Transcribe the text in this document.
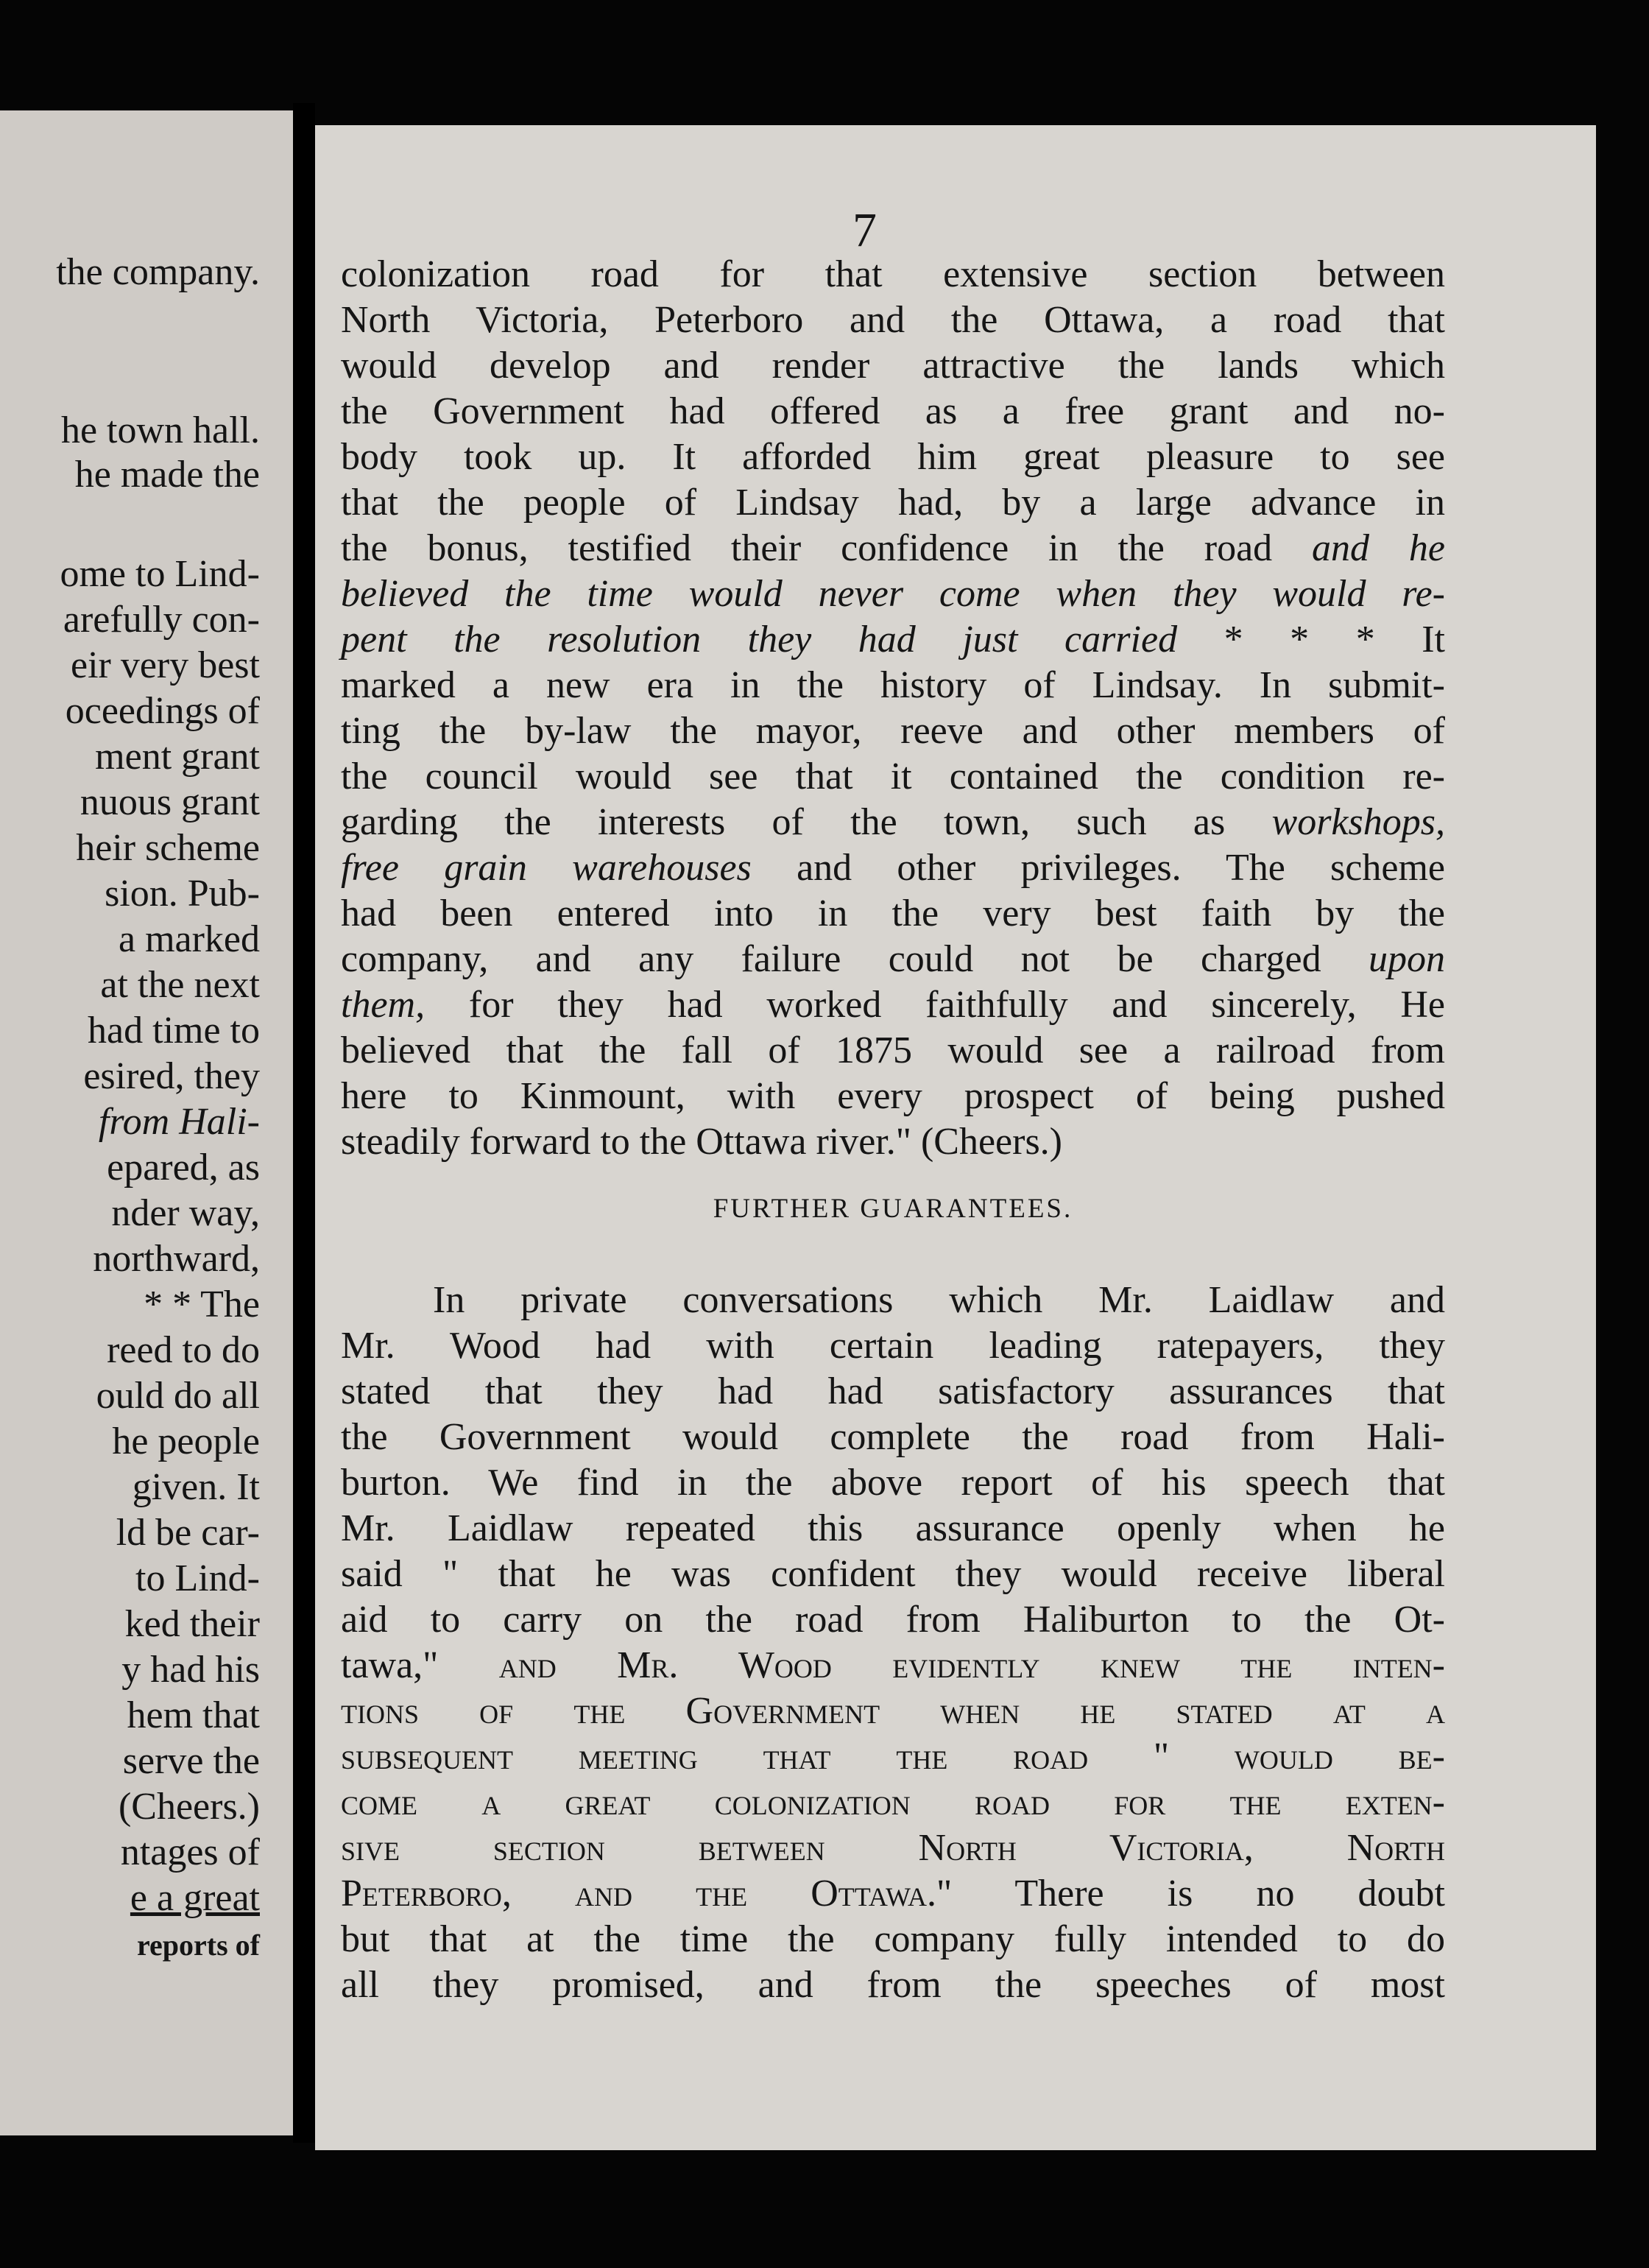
the company.
he town hall.
he made the
ome to Lind-
arefully con-
eir very best
oceedings of
ment grant
nuous grant
heir scheme
sion. Pub-
a marked
at the next
had time to
esired, they
from Hali-
epared, as
nder way,
northward,
* * The
reed to do
ould do all
he people
given. It
ld be car-
to Lind-
ked their
y had his
hem that
serve the
(Cheers.)
ntages of
e a great
reports of
7
colonization road for that extensive section between
North Victoria, Peterboro and the Ottawa, a road that
would develop and render attractive the lands which
the Government had offered as a free grant and no-
body took up. It afforded him great pleasure to see
that the people of Lindsay had, by a large advance in
the bonus, testified their confidence in the road and he
believed the time would never come when they would re-
pent the resolution they had just carried * * * It
marked a new era in the history of Lindsay. In submit-
ting the by-law the mayor, reeve and other members of
the council would see that it contained the condition re-
garding the interests of the town, such as workshops,
free grain warehouses and other privileges. The scheme
had been entered into in the very best faith by the
company, and any failure could not be charged upon
them, for they had worked faithfully and sincerely, He
believed that the fall of 1875 would see a railroad from
here to Kinmount, with every prospect of being pushed
steadily forward to the Ottawa river." (Cheers.)
FURTHER GUARANTEES.
In private conversations which Mr. Laidlaw and
Mr. Wood had with certain leading ratepayers, they
stated that they had had satisfactory assurances that
the Government would complete the road from Hali-
burton. We find in the above report of his speech that
Mr. Laidlaw repeated this assurance openly when he
said " that he was confident they would receive liberal
aid to carry on the road from Haliburton to the Ot-
tawa," and Mr. Wood evidently knew the inten-
tions of the Government when he stated at a
subsequent meeting that the road " would be-
come a great colonization road for the exten-
sive section between North Victoria, North
Peterboro, and the Ottawa." There is no doubt
but that at the time the company fully intended to do
all they promised, and from the speeches of most
